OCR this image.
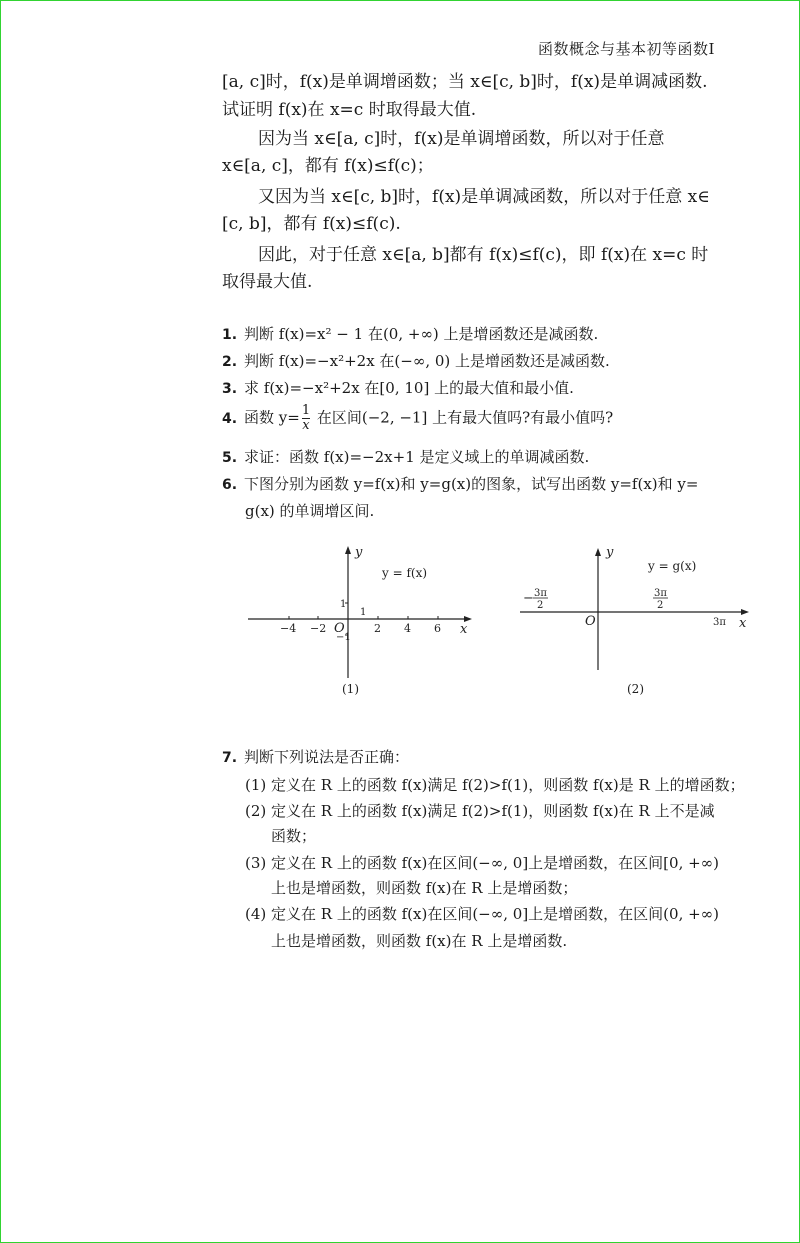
函数概念与基本初等函数Ⅰ
[a, c]时，f(x)是单调增函数；当 x∈[c, b]时，f(x)是单调减函数.
试证明 f(x)在 x=c 时取得最大值.
因为当 x∈[a, c]时，f(x)是单调增函数，所以对于任意
x∈[a, c]，都有 f(x)≤f(c)；
又因为当 x∈[c, b]时，f(x)是单调减函数，所以对于任意 x∈
[c, b]，都有 f(x)≤f(c).
因此，对于任意 x∈[a, b]都有 f(x)≤f(c)，即 f(x)在 x=c 时
取得最大值.
1. 判断 f(x)=x² − 1 在(0, +∞) 上是增函数还是减函数.
2. 判断 f(x)=−x²+2x 在(−∞, 0) 上是增函数还是减函数.
3. 求 f(x)=−x²+2x 在[0, 10] 上的最大值和最小值.
4. 函数 $y= \frac{1}{x}$ 在区间(−2, −1] 上有最大值吗?有最小值吗?
5. 求证：函数 f(x)=−2x+1 是定义域上的单调减函数.
6. 下图分别为函数 y=f(x)和 y=g(x)的图象，试写出函数 y=f(x)和 y=
g(x) 的单调增区间.
y
x
y = f(x)
O
−4 −2	2 4 6
1
−1
1
(1)
y
x
y = g(x)
O
− 3π
2
3π
2
3π
(2)
7. 判断下列说法是否正确：
(1) 定义在 R 上的函数 f(x)满足 f(2)>f(1)，则函数 f(x)是 R 上的增函数；
(2) 定义在 R 上的函数 f(x)满足 f(2)>f(1)，则函数 f(x)在 R 上不是减
函数；
(3) 定义在 R 上的函数 f(x)在区间(−∞, 0]上是增函数，在区间[0, +∞)
上也是增函数，则函数 f(x)在 R 上是增函数；
(4) 定义在 R 上的函数 f(x)在区间(−∞, 0]上是增函数，在区间(0, +∞)
上也是增函数，则函数 f(x)在 R 上是增函数.
